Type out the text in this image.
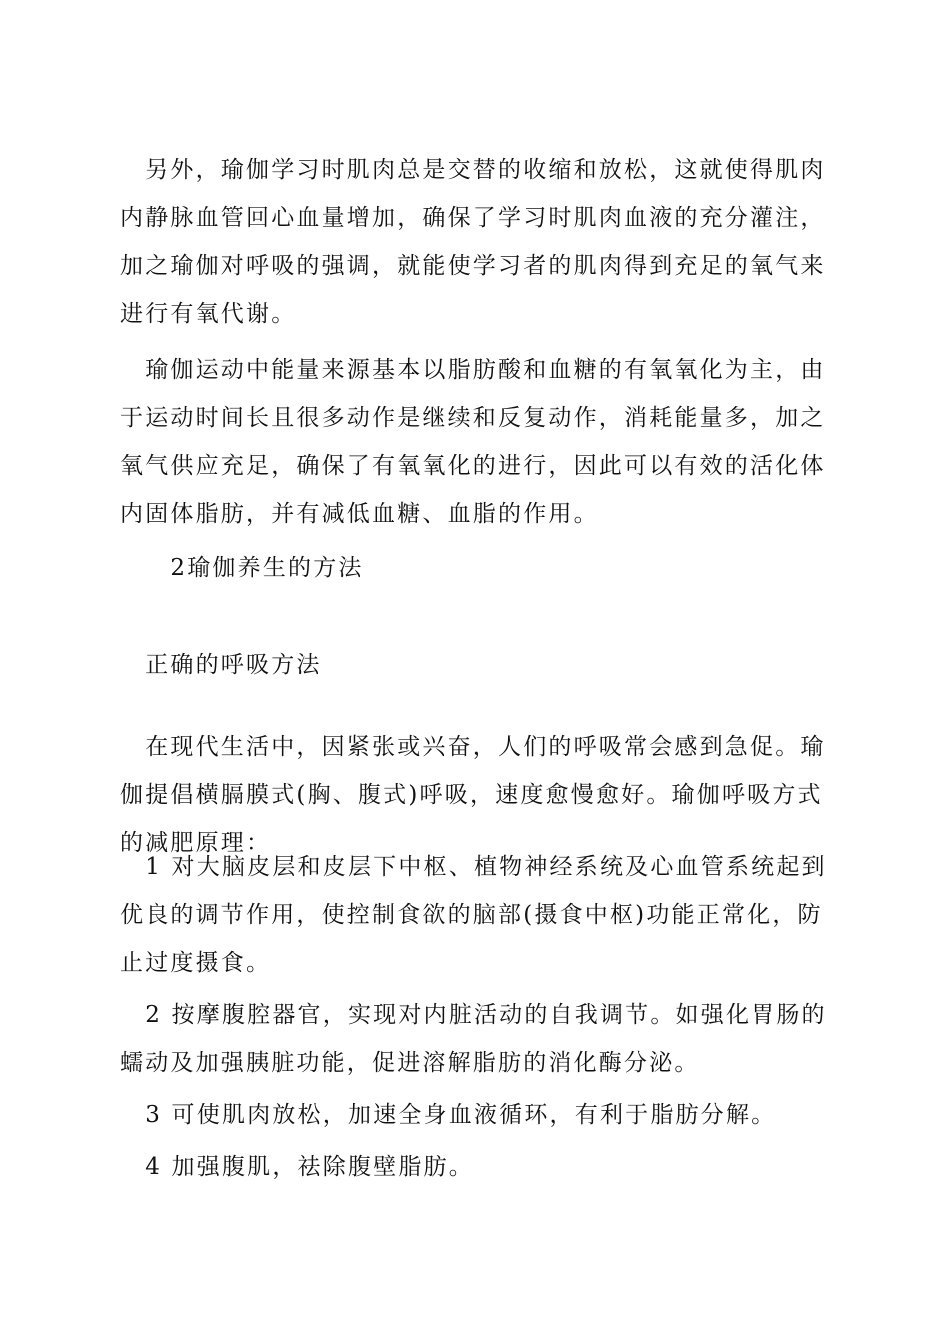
　另外，瑜伽学习时肌肉总是交替的收缩和放松，这就使得肌肉
内静脉血管回心血量增加，确保了学习时肌肉血液的充分灌注，
加之瑜伽对呼吸的强调，就能使学习者的肌肉得到充足的氧气来
进行有氧代谢。
　瑜伽运动中能量来源基本以脂肪酸和血糖的有氧氧化为主，由
于运动时间长且很多动作是继续和反复动作，消耗能量多，加之
氧气供应充足，确保了有氧氧化的进行，因此可以有效的活化体
内固体脂肪，并有减低血糖、血脂的作用。
　　2瑜伽养生的方法
　正确的呼吸方法
　在现代生活中，因紧张或兴奋，人们的呼吸常会感到急促。瑜
伽提倡横膈膜式(胸、腹式)呼吸，速度愈慢愈好。瑜伽呼吸方式
的减肥原理：
　1 对大脑皮层和皮层下中枢、植物神经系统及心血管系统起到
优良的调节作用，使控制食欲的脑部(摄食中枢)功能正常化，防
止过度摄食。
　2 按摩腹腔器官，实现对内脏活动的自我调节。如强化胃肠的
蠕动及加强胰脏功能，促进溶解脂肪的消化酶分泌。
　3 可使肌肉放松，加速全身血液循环，有利于脂肪分解。
　4 加强腹肌，祛除腹壁脂肪。
